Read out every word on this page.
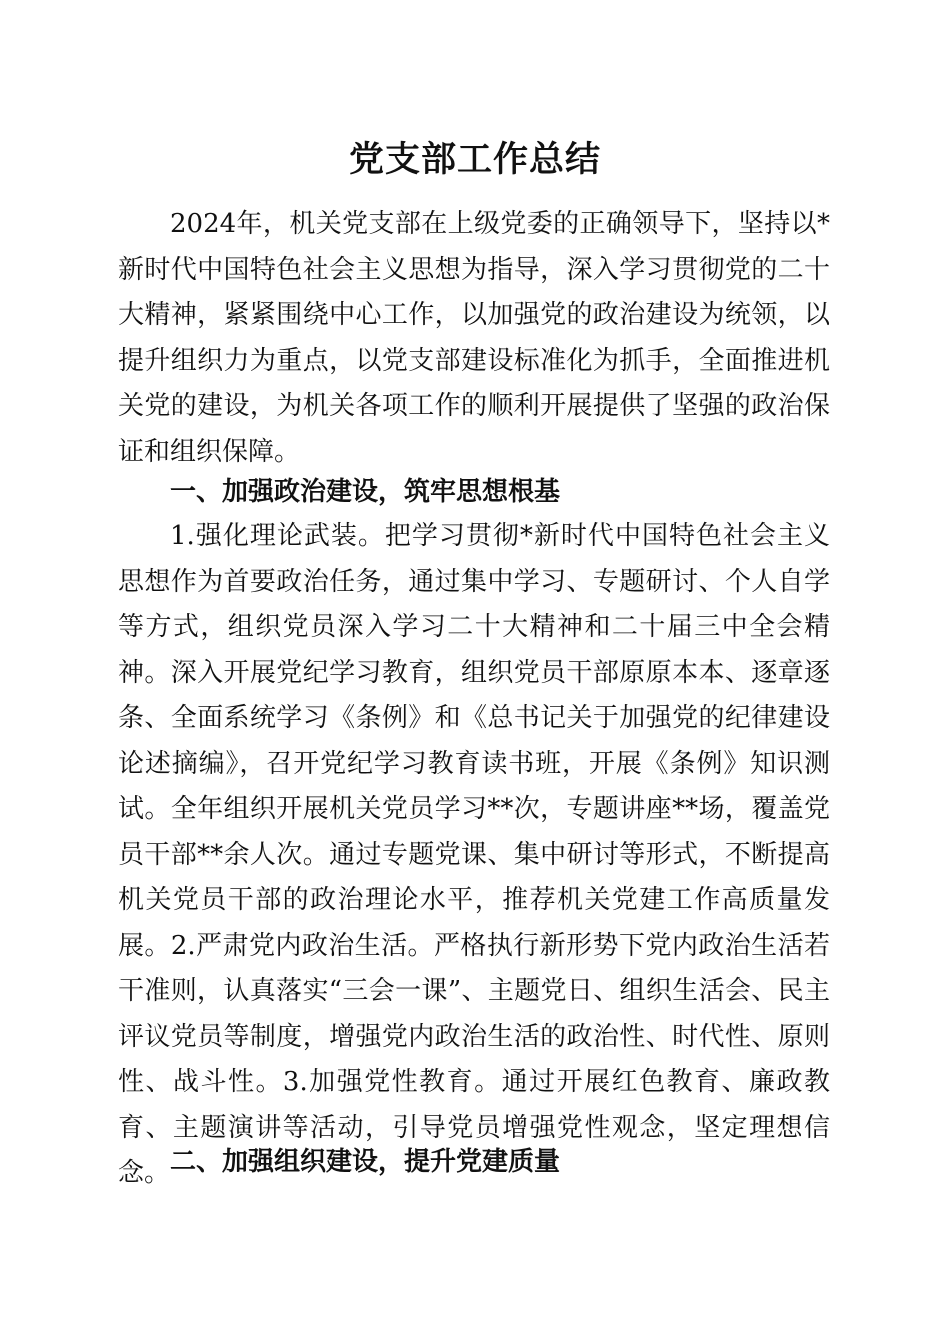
党支部工作总结

2024年，机关党支部在上级党委的正确领导下，坚持以*新时代中国特色社会主义思想为指导，深入学习贯彻党的二十大精神，紧紧围绕中心工作，以加强党的政治建设为统领，以提升组织力为重点，以党支部建设标准化为抓手，全面推进机关党的建设，为机关各项工作的顺利开展提供了坚强的政治保证和组织保障。

一、加强政治建设，筑牢思想根基

1.强化理论武装。把学习贯彻*新时代中国特色社会主义思想作为首要政治任务，通过集中学习、专题研讨、个人自学等方式，组织党员深入学习二十大精神和二十届三中全会精神。深入开展党纪学习教育，组织党员干部原原本本、逐章逐条、全面系统学习《条例》和《总书记关于加强党的纪律建设论述摘编》，召开党纪学习教育读书班，开展《条例》知识测试。全年组织开展机关党员学习**次，专题讲座**场，覆盖党员干部**余人次。通过专题党课、集中研讨等形式，不断提高机关党员干部的政治理论水平，推荐机关党建工作高质量发展。2.严肃党内政治生活。严格执行新形势下党内政治生活若干准则，认真落实“三会一课”、主题党日、组织生活会、民主评议党员等制度，增强党内政治生活的政治性、时代性、原则性、战斗性。3.加强党性教育。通过开展红色教育、廉政教育、主题演讲等活动，引导党员增强党性观念，坚定理想信念。 二、加强组织建设，提升党建质量
